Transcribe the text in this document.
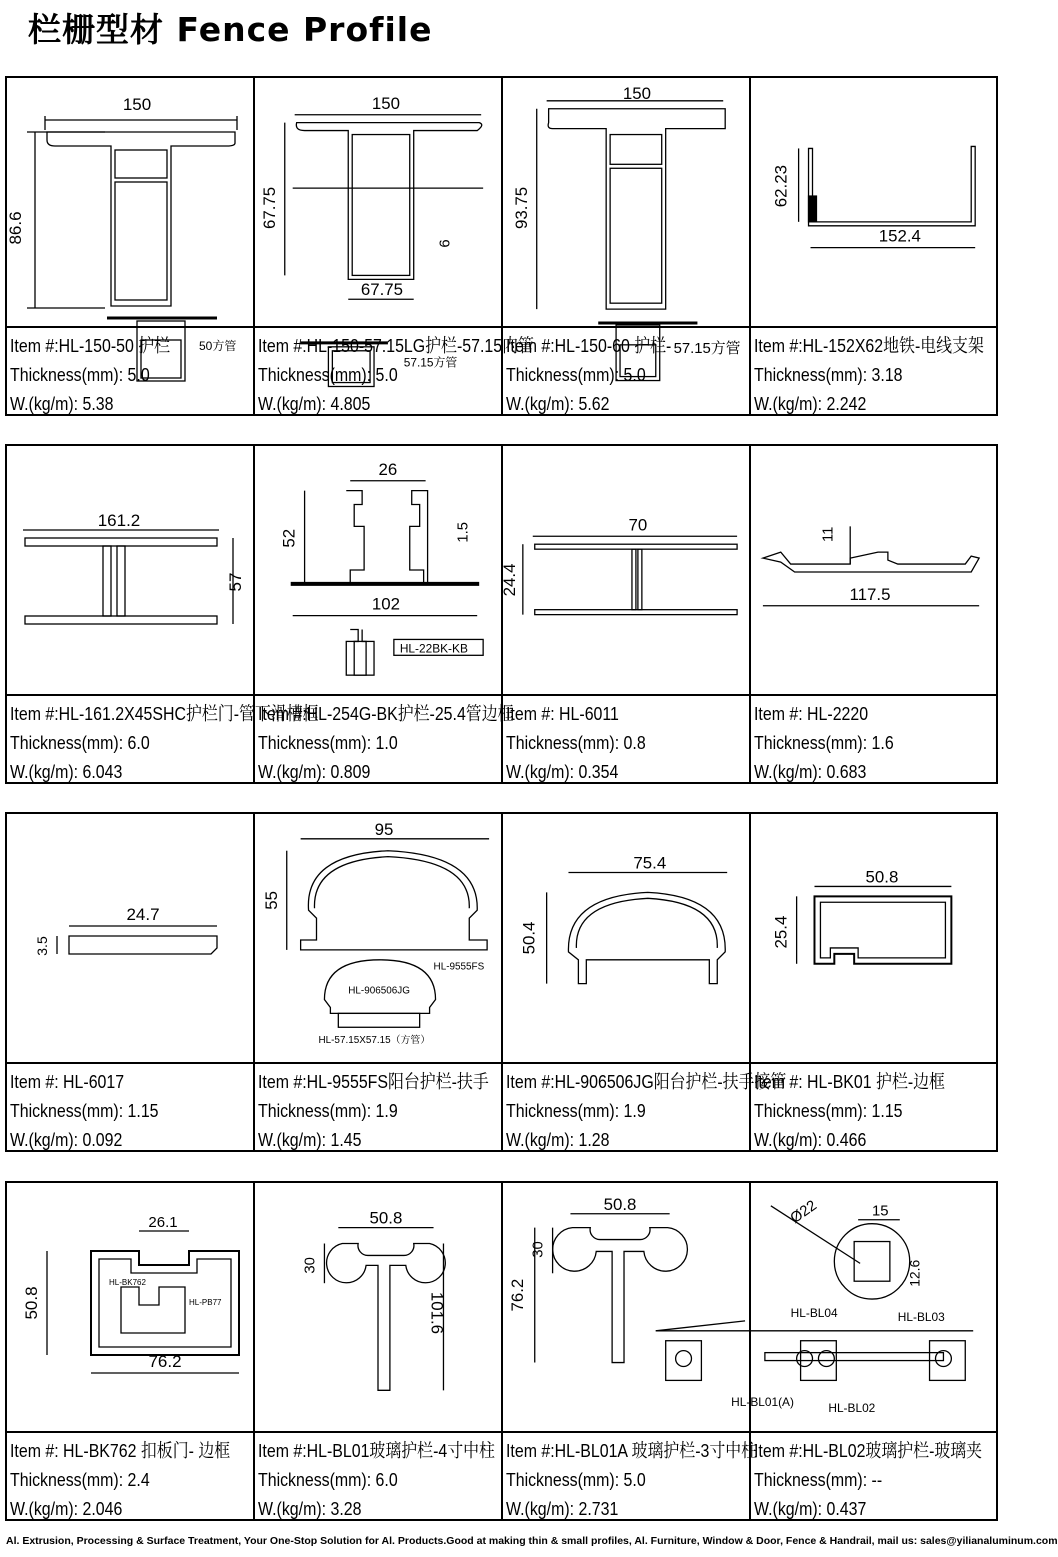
栏栅型材 Fence Profile
150
86.6
50方管
Item #:HL-150-50 护栏
Thickness(mm): 5.0
W.(kg/m): 5.38
150
67.75
6
67.75
57.15方管
Item #:HL-150-57.15LG护栏-57.15内管
Thickness(mm): 5.0
W.(kg/m): 4.805
150
93.75
57.15方管
Item #:HL-150-60 护栏-
Thickness(mm): 5.0
W.(kg/m): 5.62
62.23
152.4
Item #:HL-152X62地铁-电线支架
Thickness(mm): 3.18
W.(kg/m): 2.242
161.2
57
Item #:HL-161.2X45SHC护栏门-管下滑槽框
Thickness(mm): 6.0
W.(kg/m): 6.043
26
52	1.5
102
HL-22BK-KB
Item #:HL-254G-BK护栏-25.4管边框
Thickness(mm): 1.0
W.(kg/m): 0.809
70
24.4
Item #: HL-6011
Thickness(mm): 0.8
W.(kg/m): 0.354
11
117.5
Item #: HL-2220
Thickness(mm): 1.6
W.(kg/m): 0.683
24.7
3.5
Item #: HL-6017
Thickness(mm): 1.15
W.(kg/m): 0.092
95
55
HL-9555FS
HL-906506JG
HL-57.15X57.15（方管）
Item #:HL-9555FS阳台护栏-扶手
Thickness(mm): 1.9
W.(kg/m): 1.45
75.4
50.4
Item #:HL-906506JG阳台护栏-扶手接管
Thickness(mm): 1.9
W.(kg/m): 1.28
50.8
25.4
Item #: HL-BK01 护栏-边框
Thickness(mm): 1.15
W.(kg/m): 0.466
26.1
HL-BK762
HL-PB77
50.8
76.2
Item #: HL-BK762 扣板门- 边框
Thickness(mm): 2.4
W.(kg/m): 2.046
50.8
30
101.6
Item #:HL-BL01玻璃护栏-4寸中柱
Thickness(mm): 6.0
W.(kg/m): 3.28
50.8
30
76.2
Item #:HL-BL01A 玻璃护栏-3寸中柱
Thickness(mm): 5.0
W.(kg/m): 2.731
Ø22	15
12.6
HL-BL04	HL-BL03
HL-BL01(A)	HL-BL02
Item #:HL-BL02玻璃护栏-玻璃夹
Thickness(mm): --
W.(kg/m): 0.437
Al. Extrusion, Processing & Surface Treatment, Your One-Stop Solution for Al. Products.Good at making thin & small profiles, Al. Furniture, Window & Door, Fence & Handrail, mail us: sales@yilianaluminum.com
